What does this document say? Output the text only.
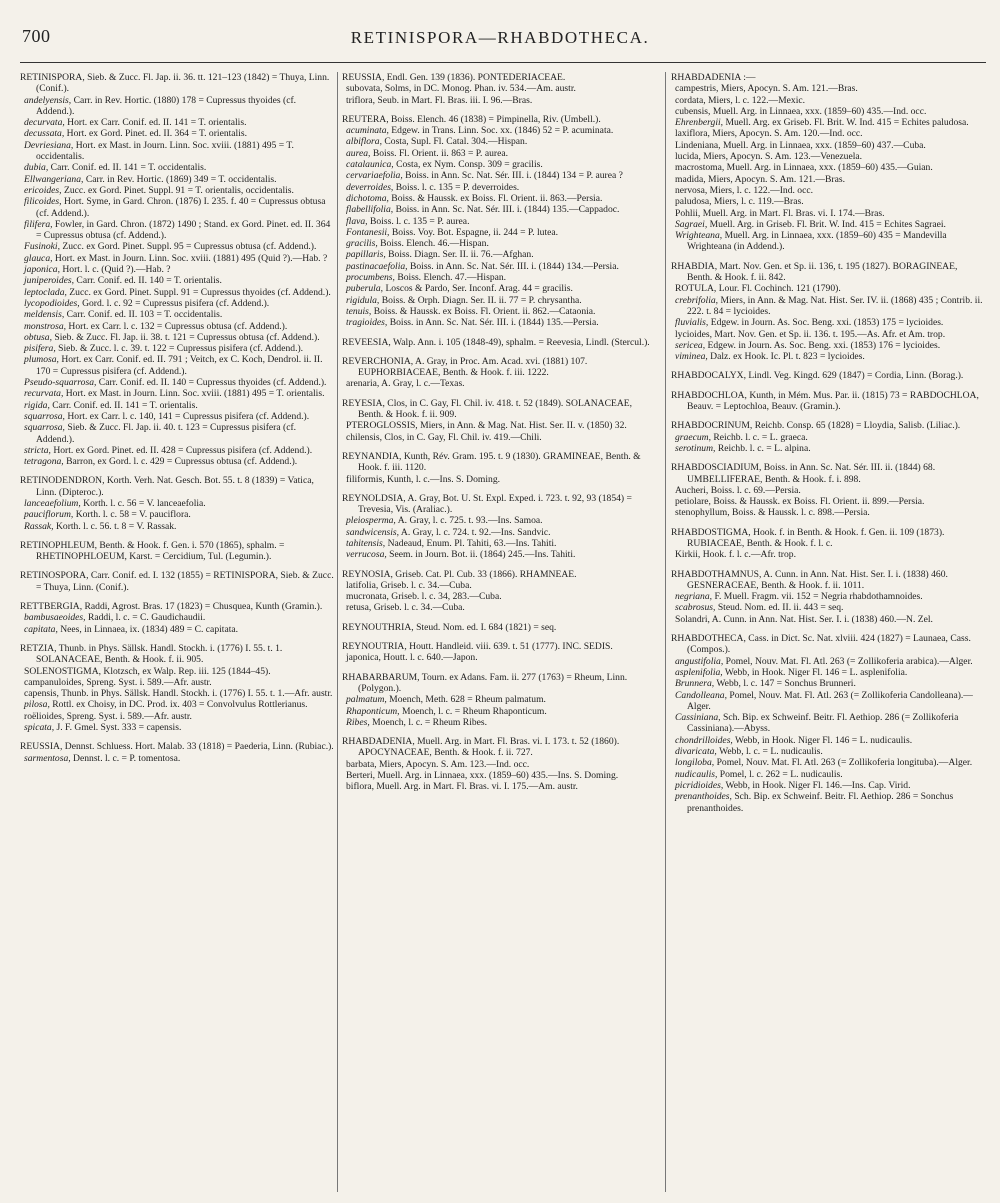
700	RETINISPORA—RHABDOTHECA.
RETINISPORA, Sieb. & Zucc. Fl. Jap. ii. 36. tt. 121–123 (1842) = Thuya, Linn. (Conif.).
andelyensis, Carr. in Rev. Hortic. (1880) 178 = Cupressus thyoides (cf. Addend.).
decurvata, Hort. ex Carr. Conif. ed. II. 141 = T. orientalis.
decussata, Hort. ex Gord. Pinet. ed. II. 364 = T. orientalis.
Devriesiana, Hort. ex Mast. in Journ. Linn. Soc. xviii. (1881) 495 = T. occidentalis.
dubia, Carr. Conif. ed. II. 141 = T. occidentalis.
Ellwangeriana, Carr. in Rev. Hortic. (1869) 349 = T. occidentalis.
ericoides, Zucc. ex Gord. Pinet. Suppl. 91 = T. orientalis, occidentalis.
filicoides, Hort. Syme, in Gard. Chron. (1876) I. 235. f. 40 = Cupressus obtusa (cf. Addend.).
filifera, Fowler, in Gard. Chron. (1872) 1490 ; Stand. ex Gord. Pinet. ed. II. 364 = Cupressus obtusa (cf. Addend.).
Fusinoki, Zucc. ex Gord. Pinet. Suppl. 95 = Cupressus obtusa (cf. Addend.).
glauca, Hort. ex Mast. in Journ. Linn. Soc. xviii. (1881) 495 (Quid ?).—Hab. ?
japonica, Hort. l. c. (Quid ?).—Hab. ?
juniperoides, Carr. Conif. ed. II. 140 = T. orientalis.
leptoclada, Zucc. ex Gord. Pinet. Suppl. 91 = Cupressus thyoides (cf. Addend.).
lycopodioides, Gord. l. c. 92 = Cupressus pisifera (cf. Addend.).
meldensis, Carr. Conif. ed. II. 103 = T. occidentalis.
monstrosa, Hort. ex Carr. l. c. 132 = Cupressus obtusa (cf. Addend.).
obtusa, Sieb. & Zucc. Fl. Jap. ii. 38. t. 121 = Cupressus obtusa (cf. Addend.).
pisifera, Sieb. & Zucc. l. c. 39. t. 122 = Cupressus pisifera (cf. Addend.).
plumosa, Hort. ex Carr. Conif. ed. II. 791 ; Veitch, ex C. Koch, Dendrol. ii. II. 170 = Cupressus pisifera (cf. Addend.).
Pseudo-squarrosa, Carr. Conif. ed. II. 140 = Cupressus thyoides (cf. Addend.).
recurvata, Hort. ex Mast. in Journ. Linn. Soc. xviii. (1881) 495 = T. orientalis.
rigida, Carr. Conif. ed. II. 141 = T. orientalis.
squarrosa, Hort. ex Carr. l. c. 140, 141 = Cupressus pisifera (cf. Addend.).
squarrosa, Sieb. & Zucc. Fl. Jap. ii. 40. t. 123 = Cupressus pisifera (cf. Addend.).
stricta, Hort. ex Gord. Pinet. ed. II. 428 = Cupressus pisifera (cf. Addend.).
tetragona, Barron, ex Gord. l. c. 429 = Cupressus obtusa (cf. Addend.).
RETINODENDRON, Korth. Verh. Nat. Gesch. Bot. 55. t. 8 (1839) = Vatica, Linn. (Dipteroc.).
lanceaefolium, Korth. l. c. 56 = V. lanceaefolia.
pauciflorum, Korth. l. c. 58 = V. pauciflora.
Rassak, Korth. l. c. 56. t. 8 = V. Rassak.
RETINOPHLEUM, Benth. & Hook. f. Gen. i. 570 (1865), sphalm. = RHETINOPHLOEUM, Karst. = Cercidium, Tul. (Legumin.).
RETINOSPORA, Carr. Conif. ed. I. 132 (1855) = RETINISPORA, Sieb. & Zucc. = Thuya, Linn. (Conif.).
RETTBERGIA, Raddi, Agrost. Bras. 17 (1823) = Chusquea, Kunth (Gramin.).
bambusaeoides, Raddi, l. c. = C. Gaudichaudii.
capitata, Nees, in Linnaea, ix. (1834) 489 = C. capitata.
RETZIA, Thunb. in Phys. Sällsk. Handl. Stockh. i. (1776) I. 55. t. 1. SOLANACEAE, Benth. & Hook. f. ii. 905.
SOLENOSTIGMA, Klotzsch, ex Walp. Rep. iii. 125 (1844–45).
campanuloides, Spreng. Syst. i. 589.—Afr. austr.
capensis, Thunb. in Phys. Sällsk. Handl. Stockh. i. (1776) I. 55. t. 1.—Afr. austr.
pilosa, Rottl. ex Choisy, in DC. Prod. ix. 403 = Convolvulus Rottlerianus.
roëlioides, Spreng. Syst. i. 589.—Afr. austr.
spicata, J. F. Gmel. Syst. 333 = capensis.
REUSSIA, Dennst. Schluess. Hort. Malab. 33 (1818) = Paederia, Linn. (Rubiac.).
sarmentosa, Dennst. l. c. = P. tomentosa.
REUSSIA, Endl. Gen. 139 (1836). PONTEDERIACEAE.
subovata, Solms, in DC. Monog. Phan. iv. 534.—Am. austr.
triflora, Seub. in Mart. Fl. Bras. iii. I. 96.—Bras.
REUTERA, Boiss. Elench. 46 (1838) = Pimpinella, Riv. (Umbell.).
acuminata, Edgew. in Trans. Linn. Soc. xx. (1846) 52 = P. acuminata.
albiflora, Costa, Supl. Fl. Catal. 304.—Hispan.
aurea, Boiss. Fl. Orient. ii. 863 = P. aurea.
catalaunica, Costa, ex Nym. Consp. 309 = gracilis.
cervariaefolia, Boiss. in Ann. Sc. Nat. Sér. III. i. (1844) 134 = P. aurea ?
deverroides, Boiss. l. c. 135 = P. deverroides.
dichotoma, Boiss. & Haussk. ex Boiss. Fl. Orient. ii. 863.—Persia.
flabellifolia, Boiss. in Ann. Sc. Nat. Sér. III. i. (1844) 135.—Cappadoc.
flava, Boiss. l. c. 135 = P. aurea.
Fontanesii, Boiss. Voy. Bot. Espagne, ii. 244 = P. lutea.
gracilis, Boiss. Elench. 46.—Hispan.
papillaris, Boiss. Diagn. Ser. II. ii. 76.—Afghan.
pastinacaefolia, Boiss. in Ann. Sc. Nat. Sér. III. i. (1844) 134.—Persia.
procumbens, Boiss. Elench. 47.—Hispan.
puberula, Loscos & Pardo, Ser. Inconf. Arag. 44 = gracilis.
rigidula, Boiss. & Orph. Diagn. Ser. II. ii. 77 = P. chrysantha.
tenuis, Boiss. & Haussk. ex Boiss. Fl. Orient. ii. 862.—Cataonia.
tragioides, Boiss. in Ann. Sc. Nat. Sér. III. i. (1844) 135.—Persia.
REVEESIA, Walp. Ann. i. 105 (1848-49), sphalm. = Reevesia, Lindl. (Stercul.).
REVERCHONIA, A. Gray, in Proc. Am. Acad. xvi. (1881) 107. EUPHORBIACEAE, Benth. & Hook. f. iii. 1222.
arenaria, A. Gray, l. c.—Texas.
REYESIA, Clos, in C. Gay, Fl. Chil. iv. 418. t. 52 (1849). SOLANACEAE, Benth. & Hook. f. ii. 909.
PTEROGLOSSIS, Miers, in Ann. & Mag. Nat. Hist. Ser. II. v. (1850) 32.
chilensis, Clos, in C. Gay, Fl. Chil. iv. 419.—Chili.
REYNANDIA, Kunth, Rév. Gram. 195. t. 9 (1830). GRAMINEAE, Benth. & Hook. f. iii. 1120.
filiformis, Kunth, l. c.—Ins. S. Doming.
REYNOLDSIA, A. Gray, Bot. U. St. Expl. Exped. i. 723. t. 92, 93 (1854) = Trevesia, Vis. (Araliac.).
pleiosperma, A. Gray, l. c. 725. t. 93.—Ins. Samoa.
sandwicensis, A. Gray, l. c. 724. t. 92.—Ins. Sandvic.
tahitensis, Nadeaud, Enum. Pl. Tahiti, 63.—Ins. Tahiti.
verrucosa, Seem. in Journ. Bot. ii. (1864) 245.—Ins. Tahiti.
REYNOSIA, Griseb. Cat. Pl. Cub. 33 (1866). RHAMNEAE.
latifolia, Griseb. l. c. 34.—Cuba.
mucronata, Griseb. l. c. 34, 283.—Cuba.
retusa, Griseb. l. c. 34.—Cuba.
REYNOUTHRIA, Steud. Nom. ed. I. 684 (1821) = seq.
REYNOUTRIA, Houtt. Handleid. viii. 639. t. 51 (1777). INC. SEDIS.
japonica, Houtt. l. c. 640.—Japon.
RHABARBARUM, Tourn. ex Adans. Fam. ii. 277 (1763) = Rheum, Linn. (Polygon.).
palmatum, Moench, Meth. 628 = Rheum palmatum.
Rhaponticum, Moench, l. c. = Rheum Rhaponticum.
Ribes, Moench, l. c. = Rheum Ribes.
RHABDADENIA, Muell. Arg. in Mart. Fl. Bras. vi. I. 173. t. 52 (1860). APOCYNACEAE, Benth. & Hook. f. ii. 727.
barbata, Miers, Apocyn. S. Am. 123.—Ind. occ.
Berteri, Muell. Arg. in Linnaea, xxx. (1859–60) 435.—Ins. S. Doming.
biflora, Muell. Arg. in Mart. Fl. Bras. vi. I. 175.—Am. austr.
RHABDADENIA :—
campestris, Miers, Apocyn. S. Am. 121.—Bras.
cordata, Miers, l. c. 122.—Mexic.
cubensis, Muell. Arg. in Linnaea, xxx. (1859–60) 435.—Ind. occ.
Ehrenbergii, Muell. Arg. ex Griseb. Fl. Brit. W. Ind. 415 = Echites paludosa.
laxiflora, Miers, Apocyn. S. Am. 120.—Ind. occ.
Lindeniana, Muell. Arg. in Linnaea, xxx. (1859–60) 437.—Cuba.
lucida, Miers, Apocyn. S. Am. 123.—Venezuela.
macrostoma, Muell. Arg. in Linnaea, xxx. (1859–60) 435.—Guian.
madida, Miers, Apocyn. S. Am. 121.—Bras.
nervosa, Miers, l. c. 122.—Ind. occ.
paludosa, Miers, l. c. 119.—Bras.
Pohlii, Muell. Arg. in Mart. Fl. Bras. vi. I. 174.—Bras.
Sagraei, Muell. Arg. in Griseb. Fl. Brit. W. Ind. 415 = Echites Sagraei.
Wrighteana, Muell. Arg. in Linnaea, xxx. (1859–60) 435 = Mandevilla Wrighteana (in Addend.).
RHABDIA, Mart. Nov. Gen. et Sp. ii. 136, t. 195 (1827). BORAGINEAE, Benth. & Hook. f. ii. 842.
ROTULA, Lour. Fl. Cochinch. 121 (1790).
crebrifolia, Miers, in Ann. & Mag. Nat. Hist. Ser. IV. ii. (1868) 435 ; Contrib. ii. 222. t. 84 = lycioides.
fluvialis, Edgew. in Journ. As. Soc. Beng. xxi. (1853) 175 = lycioides.
lycioides, Mart. Nov. Gen. et Sp. ii. 136. t. 195.—As. Afr. et Am. trop.
sericea, Edgew. in Journ. As. Soc. Beng. xxi. (1853) 176 = lycioides.
viminea, Dalz. ex Hook. Ic. Pl. t. 823 = lycioides.
RHABDOCALYX, Lindl. Veg. Kingd. 629 (1847) = Cordia, Linn. (Borag.).
RHABDOCHLOA, Kunth, in Mém. Mus. Par. ii. (1815) 73 = RABDOCHLOA, Beauv. = Leptochloa, Beauv. (Gramin.).
RHABDOCRINUM, Reichb. Consp. 65 (1828) = Lloydia, Salisb. (Liliac.).
graecum, Reichb. l. c. = L. graeca.
serotinum, Reichb. l. c. = L. alpina.
RHABDOSCIADIUM, Boiss. in Ann. Sc. Nat. Sér. III. ii. (1844) 68. UMBELLIFERAE, Benth. & Hook. f. i. 898.
Aucheri, Boiss. l. c. 69.—Persia.
petiolare, Boiss. & Haussk. ex Boiss. Fl. Orient. ii. 899.—Persia.
stenophyllum, Boiss. & Haussk. l. c. 898.—Persia.
RHABDOSTIGMA, Hook. f. in Benth. & Hook. f. Gen. ii. 109 (1873). RUBIACEAE, Benth. & Hook. f. l. c.
Kirkii, Hook. f. l. c.—Afr. trop.
RHABDOTHAMNUS, A. Cunn. in Ann. Nat. Hist. Ser. I. i. (1838) 460. GESNERACEAE, Benth. & Hook. f. ii. 1011.
negriana, F. Muell. Fragm. vii. 152 = Negria rhabdothamnoides.
scabrosus, Steud. Nom. ed. II. ii. 443 = seq.
Solandri, A. Cunn. in Ann. Nat. Hist. Ser. I. i. (1838) 460.—N. Zel.
RHABDOTHECA, Cass. in Dict. Sc. Nat. xlviii. 424 (1827) = Launaea, Cass. (Compos.).
angustifolia, Pomel, Nouv. Mat. Fl. Atl. 263 (= Zollikoferia arabica).—Alger.
asplenifolia, Webb, in Hook. Niger Fl. 146 = L. asplenifolia.
Brunnera, Webb, l. c. 147 = Sonchus Brunneri.
Candolleana, Pomel, Nouv. Mat. Fl. Atl. 263 (= Zollikoferia Candolleana).—Alger.
Cassiniana, Sch. Bip. ex Schweinf. Beitr. Fl. Aethiop. 286 (= Zollikoferia Cassiniana).—Abyss.
chondrilloides, Webb, in Hook. Niger Fl. 146 = L. nudicaulis.
divaricata, Webb, l. c. = L. nudicaulis.
longiloba, Pomel, Nouv. Mat. Fl. Atl. 263 (= Zollikoferia longituba).—Alger.
nudicaulis, Pomel, l. c. 262 = L. nudicaulis.
picridioides, Webb, in Hook. Niger Fl. 146.—Ins. Cap. Virid.
prenanthoides, Sch. Bip. ex Schweinf. Beitr. Fl. Aethiop. 286 = Sonchus prenanthoides.
